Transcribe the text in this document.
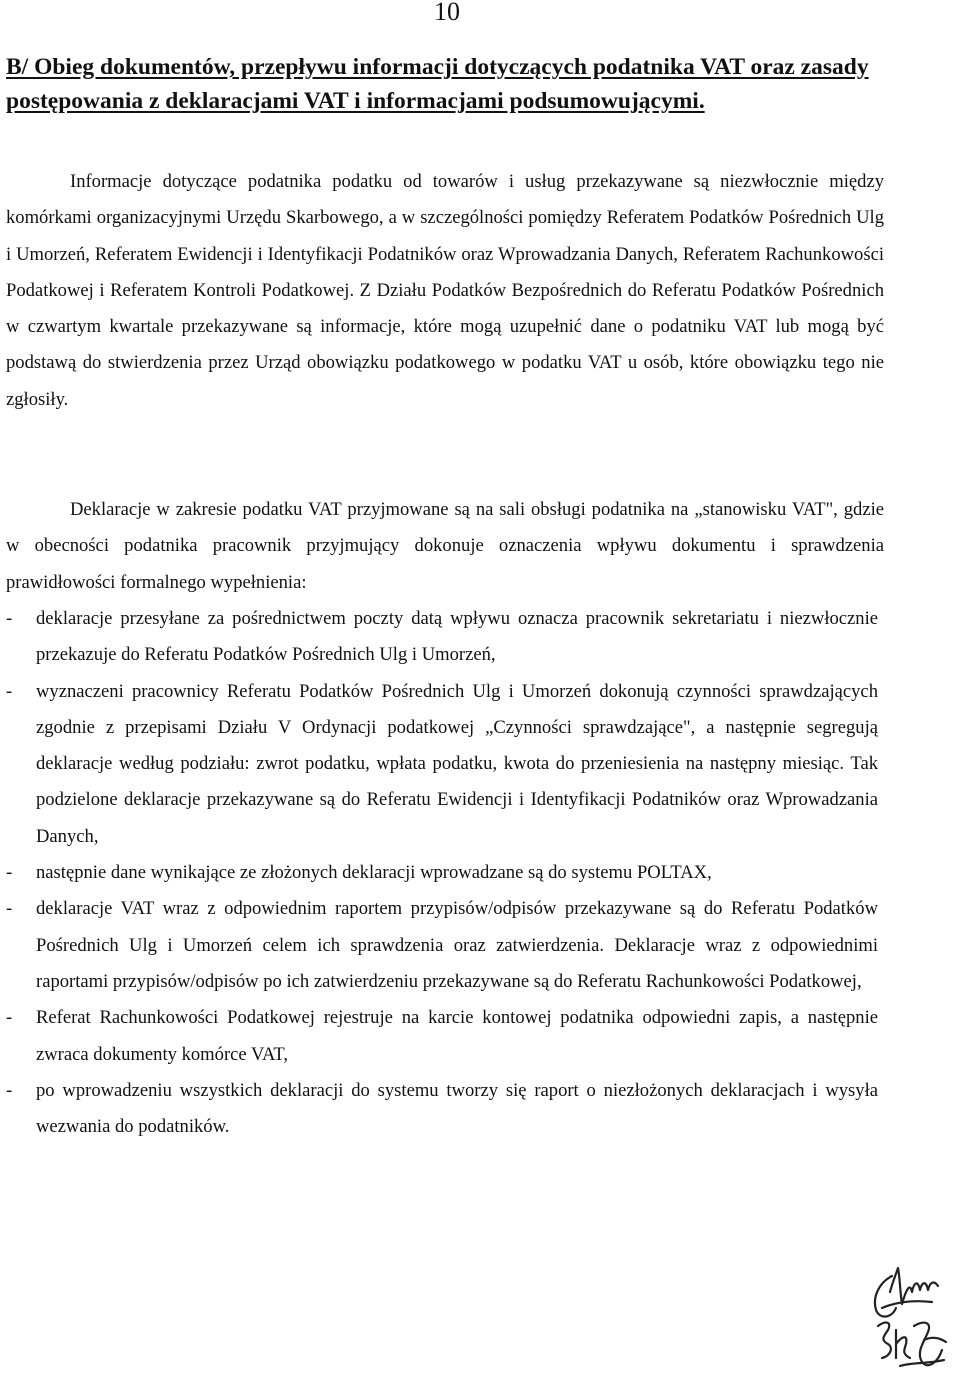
10
B/ Obieg dokumentów, przepływu informacji dotyczących podatnika VAT oraz zasady postępowania z deklaracjami VAT i informacjami podsumowującymi.

Informacje dotyczące podatnika podatku od towarów i usług przekazywane są niezwłocznie między komórkami organizacyjnymi Urzędu Skarbowego, a w szczególności pomiędzy Referatem Podatków Pośrednich Ulg i Umorzeń, Referatem Ewidencji i Identyfikacji Podatników oraz Wprowadzania Danych, Referatem Rachunkowości Podatkowej i Referatem Kontroli Podatkowej. Z Działu Podatków Bezpośrednich do Referatu Podatków Pośrednich w czwartym kwartale przekazywane są informacje, które mogą uzupełnić dane o podatniku VAT lub mogą być podstawą do stwierdzenia przez Urząd obowiązku podatkowego w podatku VAT u osób, które obowiązku tego nie zgłosiły.

Deklaracje w zakresie podatku VAT przyjmowane są na sali obsługi podatnika na „stanowisku VAT", gdzie w obecności podatnika pracownik przyjmujący dokonuje oznaczenia wpływu dokumentu i sprawdzenia prawidłowości formalnego wypełnienia:

- deklaracje przesyłane za pośrednictwem poczty datą wpływu oznacza pracownik sekretariatu i niezwłocznie przekazuje do Referatu Podatków Pośrednich Ulg i Umorzeń,
- wyznaczeni pracownicy Referatu Podatków Pośrednich Ulg i Umorzeń dokonują czynności sprawdzających zgodnie z przepisami Działu V Ordynacji podatkowej „Czynności sprawdzające", a następnie segregują deklaracje według podziału: zwrot podatku, wpłata podatku, kwota do przeniesienia na następny miesiąc. Tak podzielone deklaracje przekazywane są do Referatu Ewidencji i Identyfikacji Podatników oraz Wprowadzania Danych,
- następnie dane wynikające ze złożonych deklaracji wprowadzane są do systemu POLTAX,
- deklaracje VAT wraz z odpowiednim raportem przypisów/odpisów przekazywane są do Referatu Podatków Pośrednich Ulg i Umorzeń celem ich sprawdzenia oraz zatwierdzenia. Deklaracje wraz z odpowiednimi raportami przypisów/odpisów po ich zatwierdzeniu przekazywane są do Referatu Rachunkowości Podatkowej,
- Referat Rachunkowości Podatkowej rejestruje na karcie kontowej podatnika odpowiedni zapis, a następnie zwraca dokumenty komórce VAT,
- po wprowadzeniu wszystkich deklaracji do systemu tworzy się raport o niezłożonych deklaracjach i wysyła wezwania do podatników.
